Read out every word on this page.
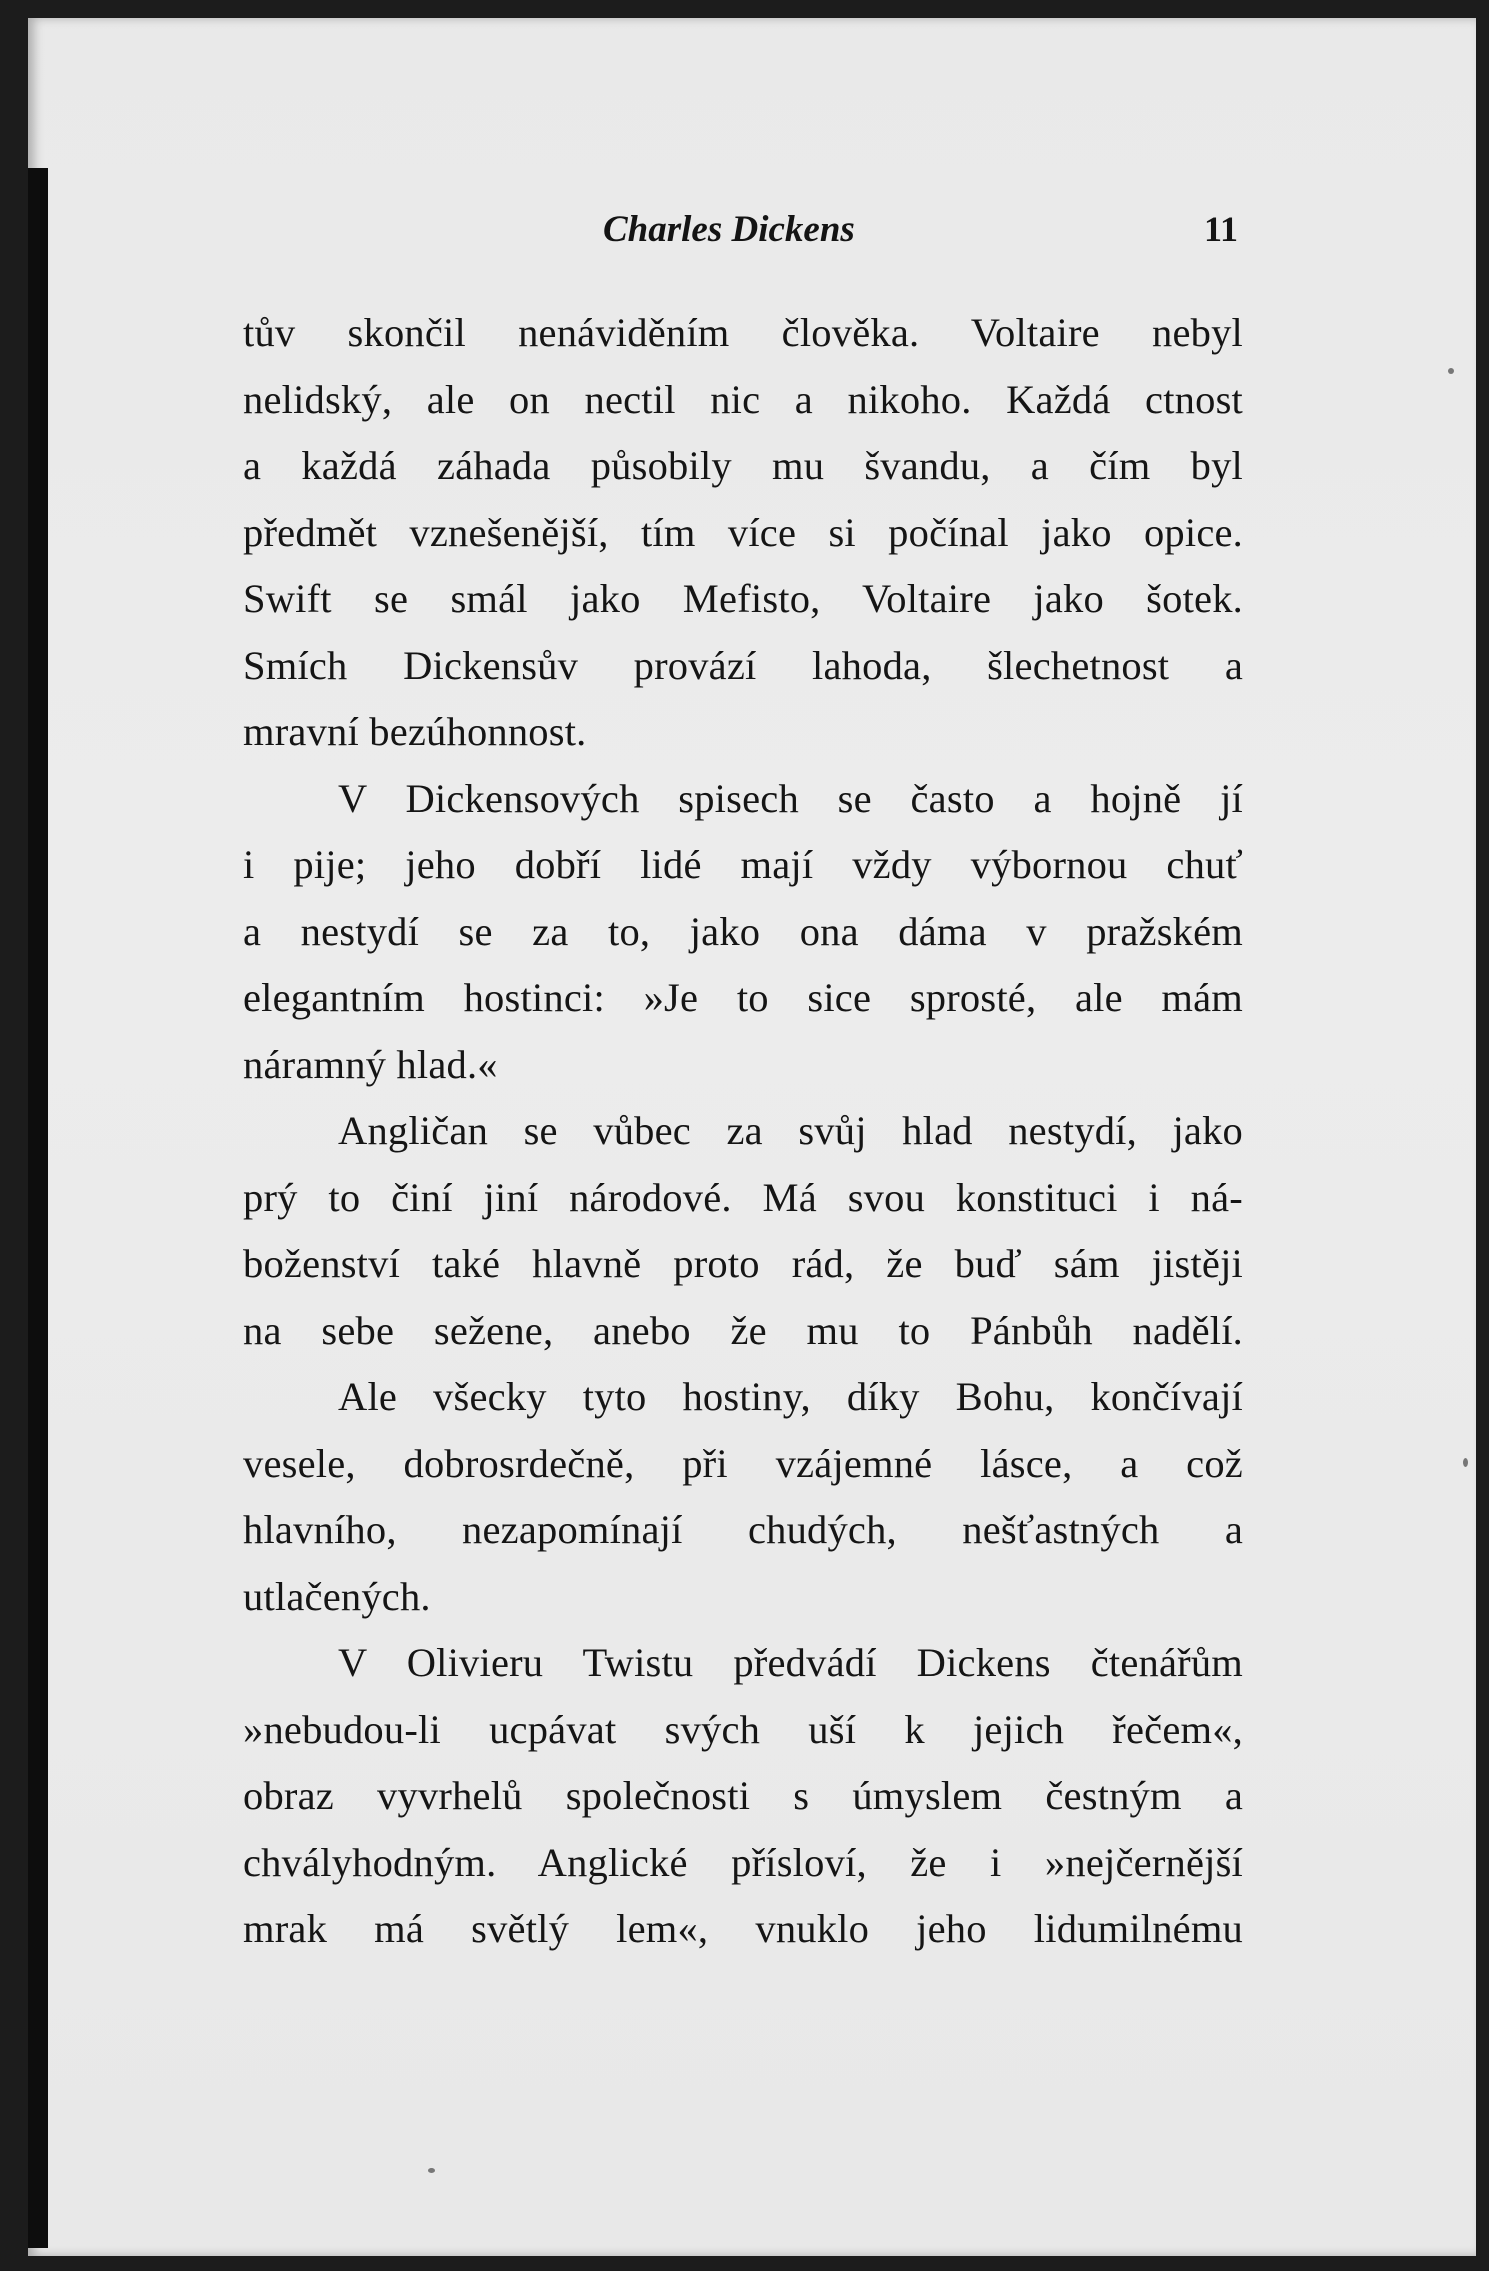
Charles Dickens	11
tův skončil nenáviděním člověka. Voltaire nebyl
nelidský, ale on nectil nic a nikoho. Každá ctnost
a každá záhada působily mu švandu, a čím byl
předmět vznešenější, tím více si počínal jako opice.
Swift se smál jako Mefisto, Voltaire jako šotek.
Smích Dickensův provází lahoda, šlechetnost a
mravní bezúhonnost.
V Dickensových spisech se často a hojně jí
i pije; jeho dobří lidé mají vždy výbornou chuť
a nestydí se za to, jako ona dáma v pražském
elegantním hostinci: »Je to sice sprosté, ale mám
náramný hlad.«
Angličan se vůbec za svůj hlad nestydí, jako
prý to činí jiní národové. Má svou konstituci i ná-
boženství také hlavně proto rád, že buď sám jistěji
na sebe sežene, anebo že mu to Pánbůh nadělí.
Ale všecky tyto hostiny, díky Bohu, končívají
vesele, dobrosrdečně, při vzájemné lásce, a což
hlavního, nezapomínají chudých, nešťastných a
utlačených.
V Olivieru Twistu předvádí Dickens čtenářům
»nebudou-li ucpávat svých uší k jejich řečem«,
obraz vyvrhelů společnosti s úmyslem čestným a
chvályhodným. Anglické přísloví, že i »nejčernější
mrak má světlý lem«, vnuklo jeho lidumilnému
